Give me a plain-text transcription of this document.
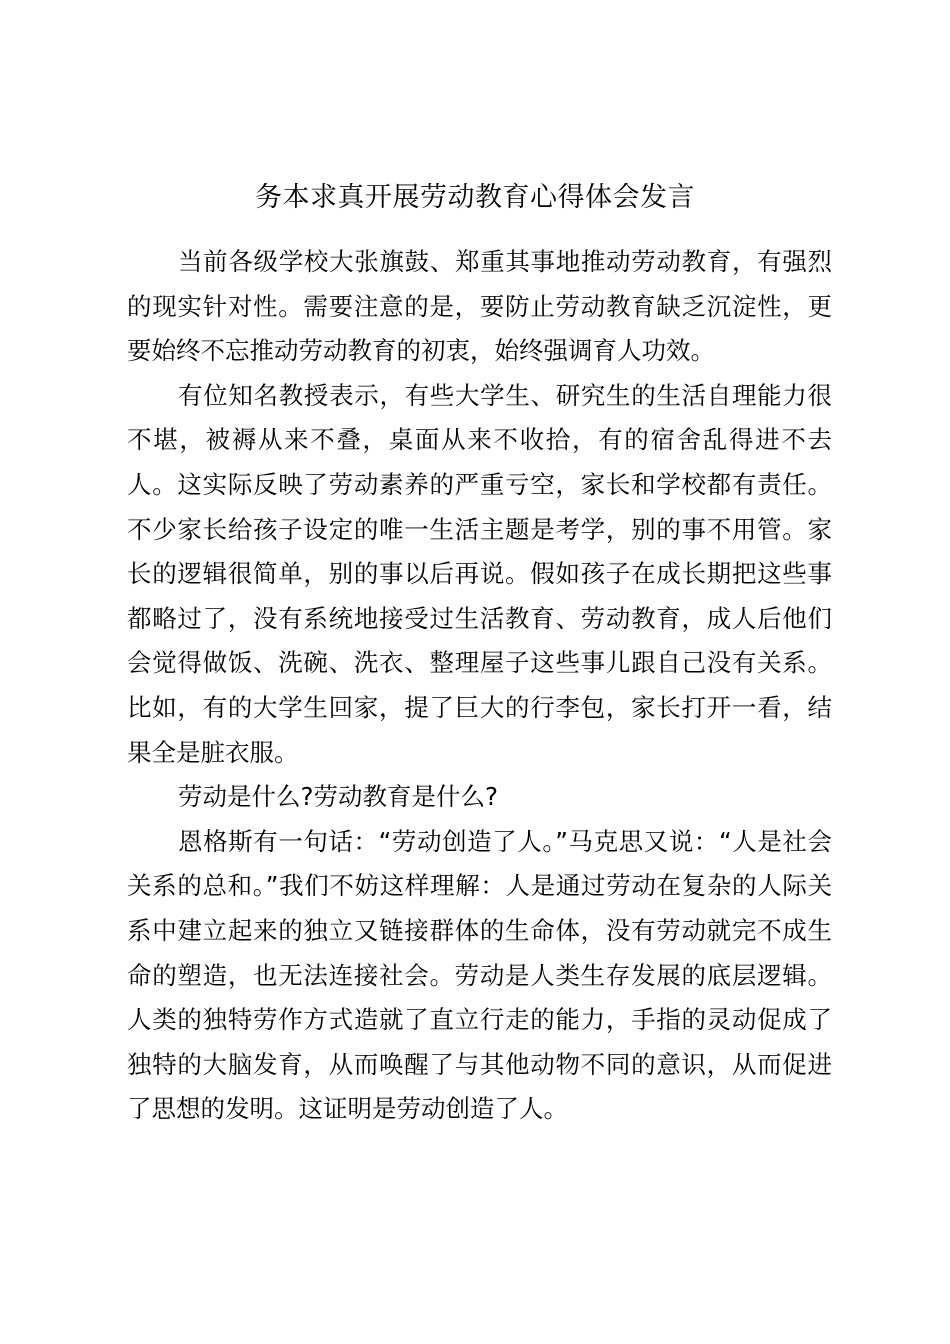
务本求真开展劳动教育心得体会发言

当前各级学校大张旗鼓、郑重其事地推动劳动教育，有强烈的现实针对性。需要注意的是，要防止劳动教育缺乏沉淀性，更要始终不忘推动劳动教育的初衷，始终强调育人功效。

有位知名教授表示，有些大学生、研究生的生活自理能力很不堪，被褥从来不叠，桌面从来不收拾，有的宿舍乱得进不去人。这实际反映了劳动素养的严重亏空，家长和学校都有责任。不少家长给孩子设定的唯一生活主题是考学，别的事不用管。家长的逻辑很简单，别的事以后再说。假如孩子在成长期把这些事都略过了，没有系统地接受过生活教育、劳动教育，成人后他们会觉得做饭、洗碗、洗衣、整理屋子这些事儿跟自己没有关系。比如，有的大学生回家，提了巨大的行李包，家长打开一看，结果全是脏衣服。

劳动是什么?劳动教育是什么?

恩格斯有一句话：“劳动创造了人。”马克思又说：“人是社会关系的总和。”我们不妨这样理解：人是通过劳动在复杂的人际关系中建立起来的独立又链接群体的生命体，没有劳动就完不成生命的塑造，也无法连接社会。劳动是人类生存发展的底层逻辑。人类的独特劳作方式造就了直立行走的能力，手指的灵动促成了独特的大脑发育，从而唤醒了与其他动物不同的意识，从而促进了思想的发明。这证明是劳动创造了人。
